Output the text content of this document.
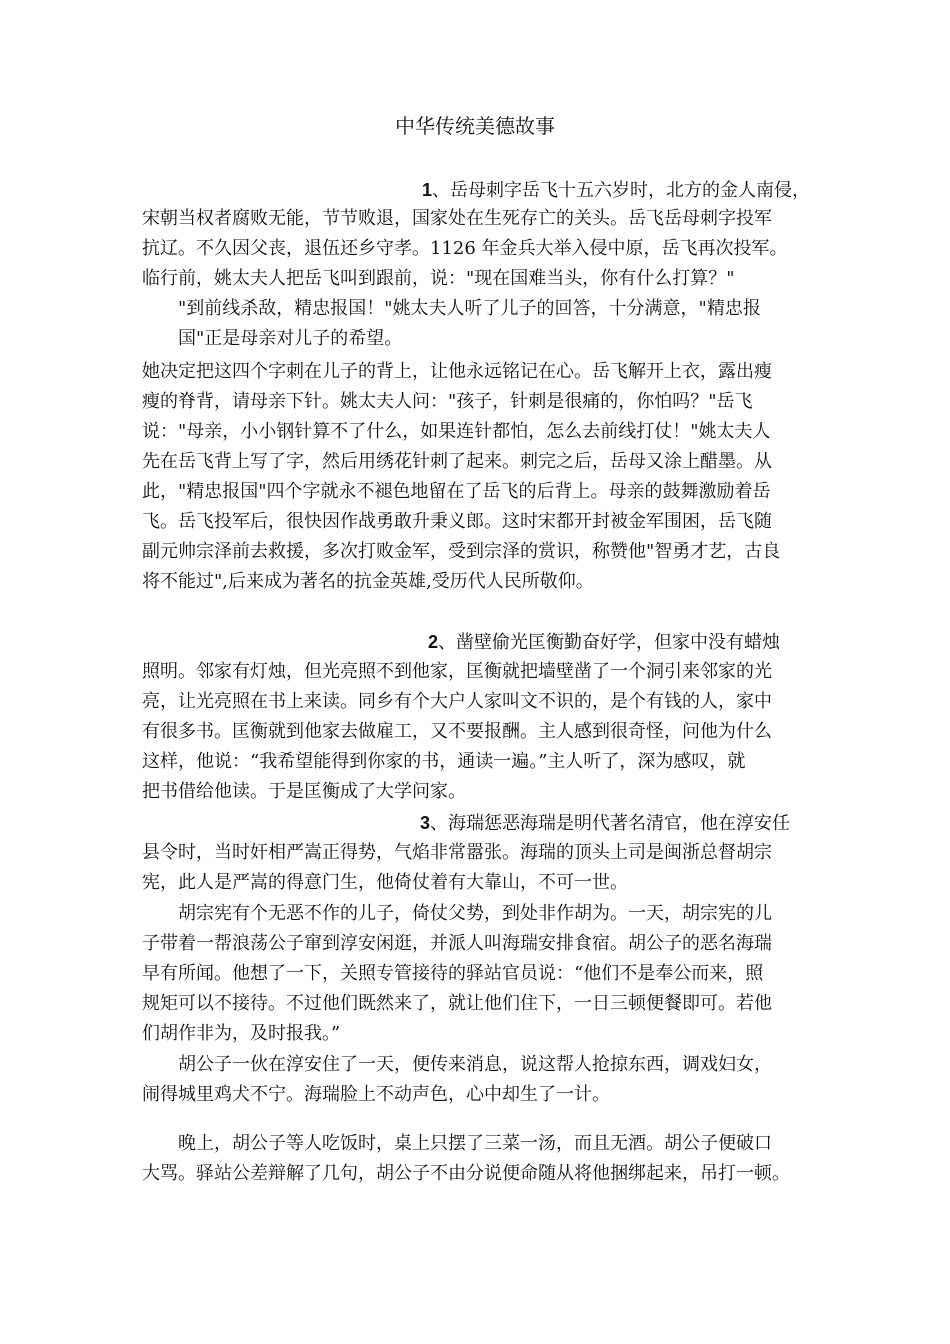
中华传统美德故事
1、岳母刺字岳飞十五六岁时，北方的金人南侵，
宋朝当权者腐败无能，节节败退，国家处在生死存亡的关头。岳飞岳母刺字投军
抗辽。不久因父丧，退伍还乡守孝。1126 年金兵大举入侵中原，岳飞再次投军。
临行前，姚太夫人把岳飞叫到跟前，说："现在国难当头，你有什么打算？"
"到前线杀敌，精忠报国！"姚太夫人听了儿子的回答，十分满意，"精忠报
国"正是母亲对儿子的希望。
她决定把这四个字刺在儿子的背上，让他永远铭记在心。岳飞解开上衣，露出瘦
瘦的脊背，请母亲下针。姚太夫人问："孩子，针刺是很痛的，你怕吗？"岳飞
说："母亲，小小钢针算不了什么，如果连针都怕，怎么去前线打仗！"姚太夫人
先在岳飞背上写了字，然后用绣花针刺了起来。刺完之后，岳母又涂上醋墨。从
此，"精忠报国"四个字就永不褪色地留在了岳飞的后背上。母亲的鼓舞激励着岳
飞。岳飞投军后，很快因作战勇敢升秉义郎。这时宋都开封被金军围困，岳飞随
副元帅宗泽前去救援，多次打败金军，受到宗泽的赏识，称赞他"智勇才艺，古良
将不能过",后来成为著名的抗金英雄,受历代人民所敬仰。
2、凿壁偷光匡衡勤奋好学，但家中没有蜡烛
照明。邻家有灯烛，但光亮照不到他家，匡衡就把墙壁凿了一个洞引来邻家的光
亮，让光亮照在书上来读。同乡有个大户人家叫文不识的，是个有钱的人，家中
有很多书。匡衡就到他家去做雇工，又不要报酬。主人感到很奇怪，问他为什么
这样，他说：“我希望能得到你家的书，通读一遍。”主人听了，深为感叹，就
把书借给他读。于是匡衡成了大学问家。
3、海瑞惩恶海瑞是明代著名清官，他在淳安任
县令时，当时奸相严嵩正得势，气焰非常嚣张。海瑞的顶头上司是闽浙总督胡宗
宪，此人是严嵩的得意门生，他倚仗着有大靠山，不可一世。
胡宗宪有个无恶不作的儿子，倚仗父势，到处非作胡为。一天，胡宗宪的儿
子带着一帮浪荡公子窜到淳安闲逛，并派人叫海瑞安排食宿。胡公子的恶名海瑞
早有所闻。他想了一下，关照专管接待的驿站官员说：“他们不是奉公而来，照
规矩可以不接待。不过他们既然来了，就让他们住下，一日三顿便餐即可。若他
们胡作非为，及时报我。”
胡公子一伙在淳安住了一天，便传来消息，说这帮人抢掠东西，调戏妇女，
闹得城里鸡犬不宁。海瑞脸上不动声色，心中却生了一计。
晚上，胡公子等人吃饭时，桌上只摆了三菜一汤，而且无酒。胡公子便破口
大骂。驿站公差辩解了几句，胡公子不由分说便命随从将他捆绑起来，吊打一顿。
